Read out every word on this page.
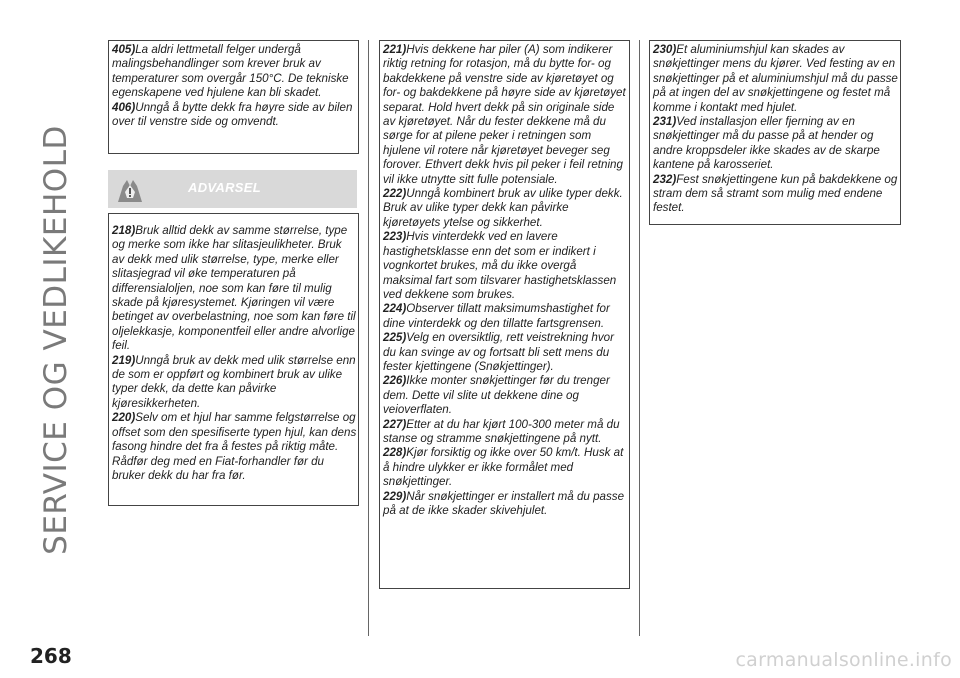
SERVICE OG VEDLIKEHOLD

405)La aldri lettmetall felger undergå malingsbehandlinger som krever bruk av temperaturer som overgår 150°C. De tekniske egenskapene ved hjulene kan bli skadet.

406)Unngå å bytte dekk fra høyre side av bilen over til venstre side og omvendt.

ADVARSEL

218)Bruk alltid dekk av samme størrelse, type og merke som ikke har slitasjeulikheter. Bruk av dekk med ulik størrelse, type, merke eller slitasjegrad vil øke temperaturen på differensialoljen, noe som kan føre til mulig skade på kjøresystemet. Kjøringen vil være betinget av overbelastning, noe som kan føre til oljelekkasje, komponentfeil eller andre alvorlige feil.

219)Unngå bruk av dekk med ulik størrelse enn de som er oppført og kombinert bruk av ulike typer dekk, da dette kan påvirke kjøresikkerheten.

220)Selv om et hjul har samme felgstørrelse og offset som den spesifiserte typen hjul, kan dens fasong hindre det fra å festes på riktig måte. Rådfør deg med en Fiat-forhandler før du bruker dekk du har fra før.

221)Hvis dekkene har piler (A) som indikerer riktig retning for rotasjon, må du bytte for- og bakdekkene på venstre side av kjøretøyet og for- og bakdekkene på høyre side av kjøretøyet separat. Hold hvert dekk på sin originale side av kjøretøyet. Når du fester dekkene må du sørge for at pilene peker i retningen som hjulene vil rotere når kjøretøyet beveger seg forover. Ethvert dekk hvis pil peker i feil retning vil ikke utnytte sitt fulle potensiale.

222)Unngå kombinert bruk av ulike typer dekk. Bruk av ulike typer dekk kan påvirke kjøretøyets ytelse og sikkerhet.

223)Hvis vinterdekk ved en lavere hastighetsklasse enn det som er indikert i vognkortet brukes, må du ikke overgå maksimal fart som tilsvarer hastighetsklassen ved dekkene som brukes.

224)Observer tillatt maksimumshastighet for dine vinterdekk og den tillatte fartsgrensen.

225)Velg en oversiktlig, rett veistrekning hvor du kan svinge av og fortsatt bli sett mens du fester kjettingene (Snøkjettinger).

226)Ikke monter snøkjettinger før du trenger dem. Dette vil slite ut dekkene dine og veioverflaten.

227)Etter at du har kjørt 100-300 meter må du stanse og stramme snøkjettingene på nytt.

228)Kjør forsiktig og ikke over 50 km/t. Husk at å hindre ulykker er ikke formålet med snøkjettinger.

229)Når snøkjettinger er installert må du passe på at de ikke skader skivehjulet.

230)Et aluminiumshjul kan skades av snøkjettinger mens du kjører. Ved festing av en snøkjettinger på et aluminiumshjul må du passe på at ingen del av snøkjettingene og festet må komme i kontakt med hjulet.

231)Ved installasjon eller fjerning av en snøkjettinger må du passe på at hender og andre kroppsdeler ikke skades av de skarpe kantene på karosseriet.

232)Fest snøkjettingene kun på bakdekkene og stram dem så stramt som mulig med endene festet.

268	carmanualsonline.info
